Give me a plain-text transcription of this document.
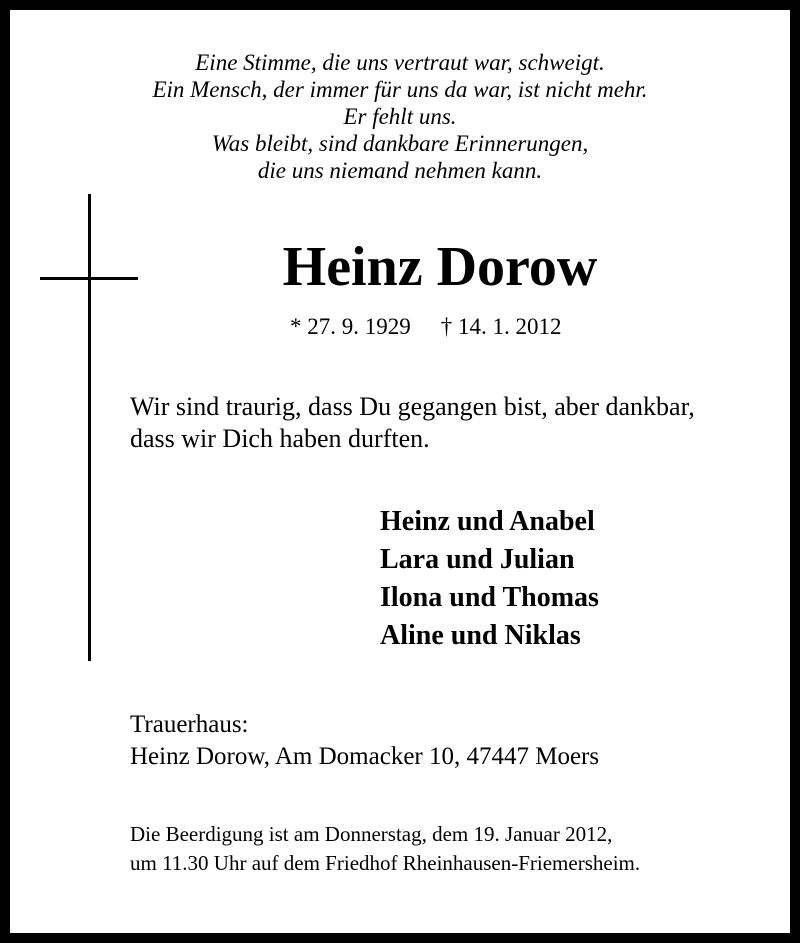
Eine Stimme, die uns vertraut war, schweigt.
Ein Mensch, der immer für uns da war, ist nicht mehr.
Er fehlt uns.
Was bleibt, sind dankbare Erinnerungen,
die uns niemand nehmen kann.
Heinz Dorow
* 27. 9. 1929 † 14. 1. 2012
Wir sind traurig, dass Du gegangen bist, aber dankbar,
dass wir Dich haben durften.
Heinz und Anabel
Lara und Julian
Ilona und Thomas
Aline und Niklas
Trauerhaus:
Heinz Dorow, Am Domacker 10, 47447 Moers
Die Beerdigung ist am Donnerstag, dem 19. Januar 2012,
um 11.30 Uhr auf dem Friedhof Rheinhausen-Friemersheim.
